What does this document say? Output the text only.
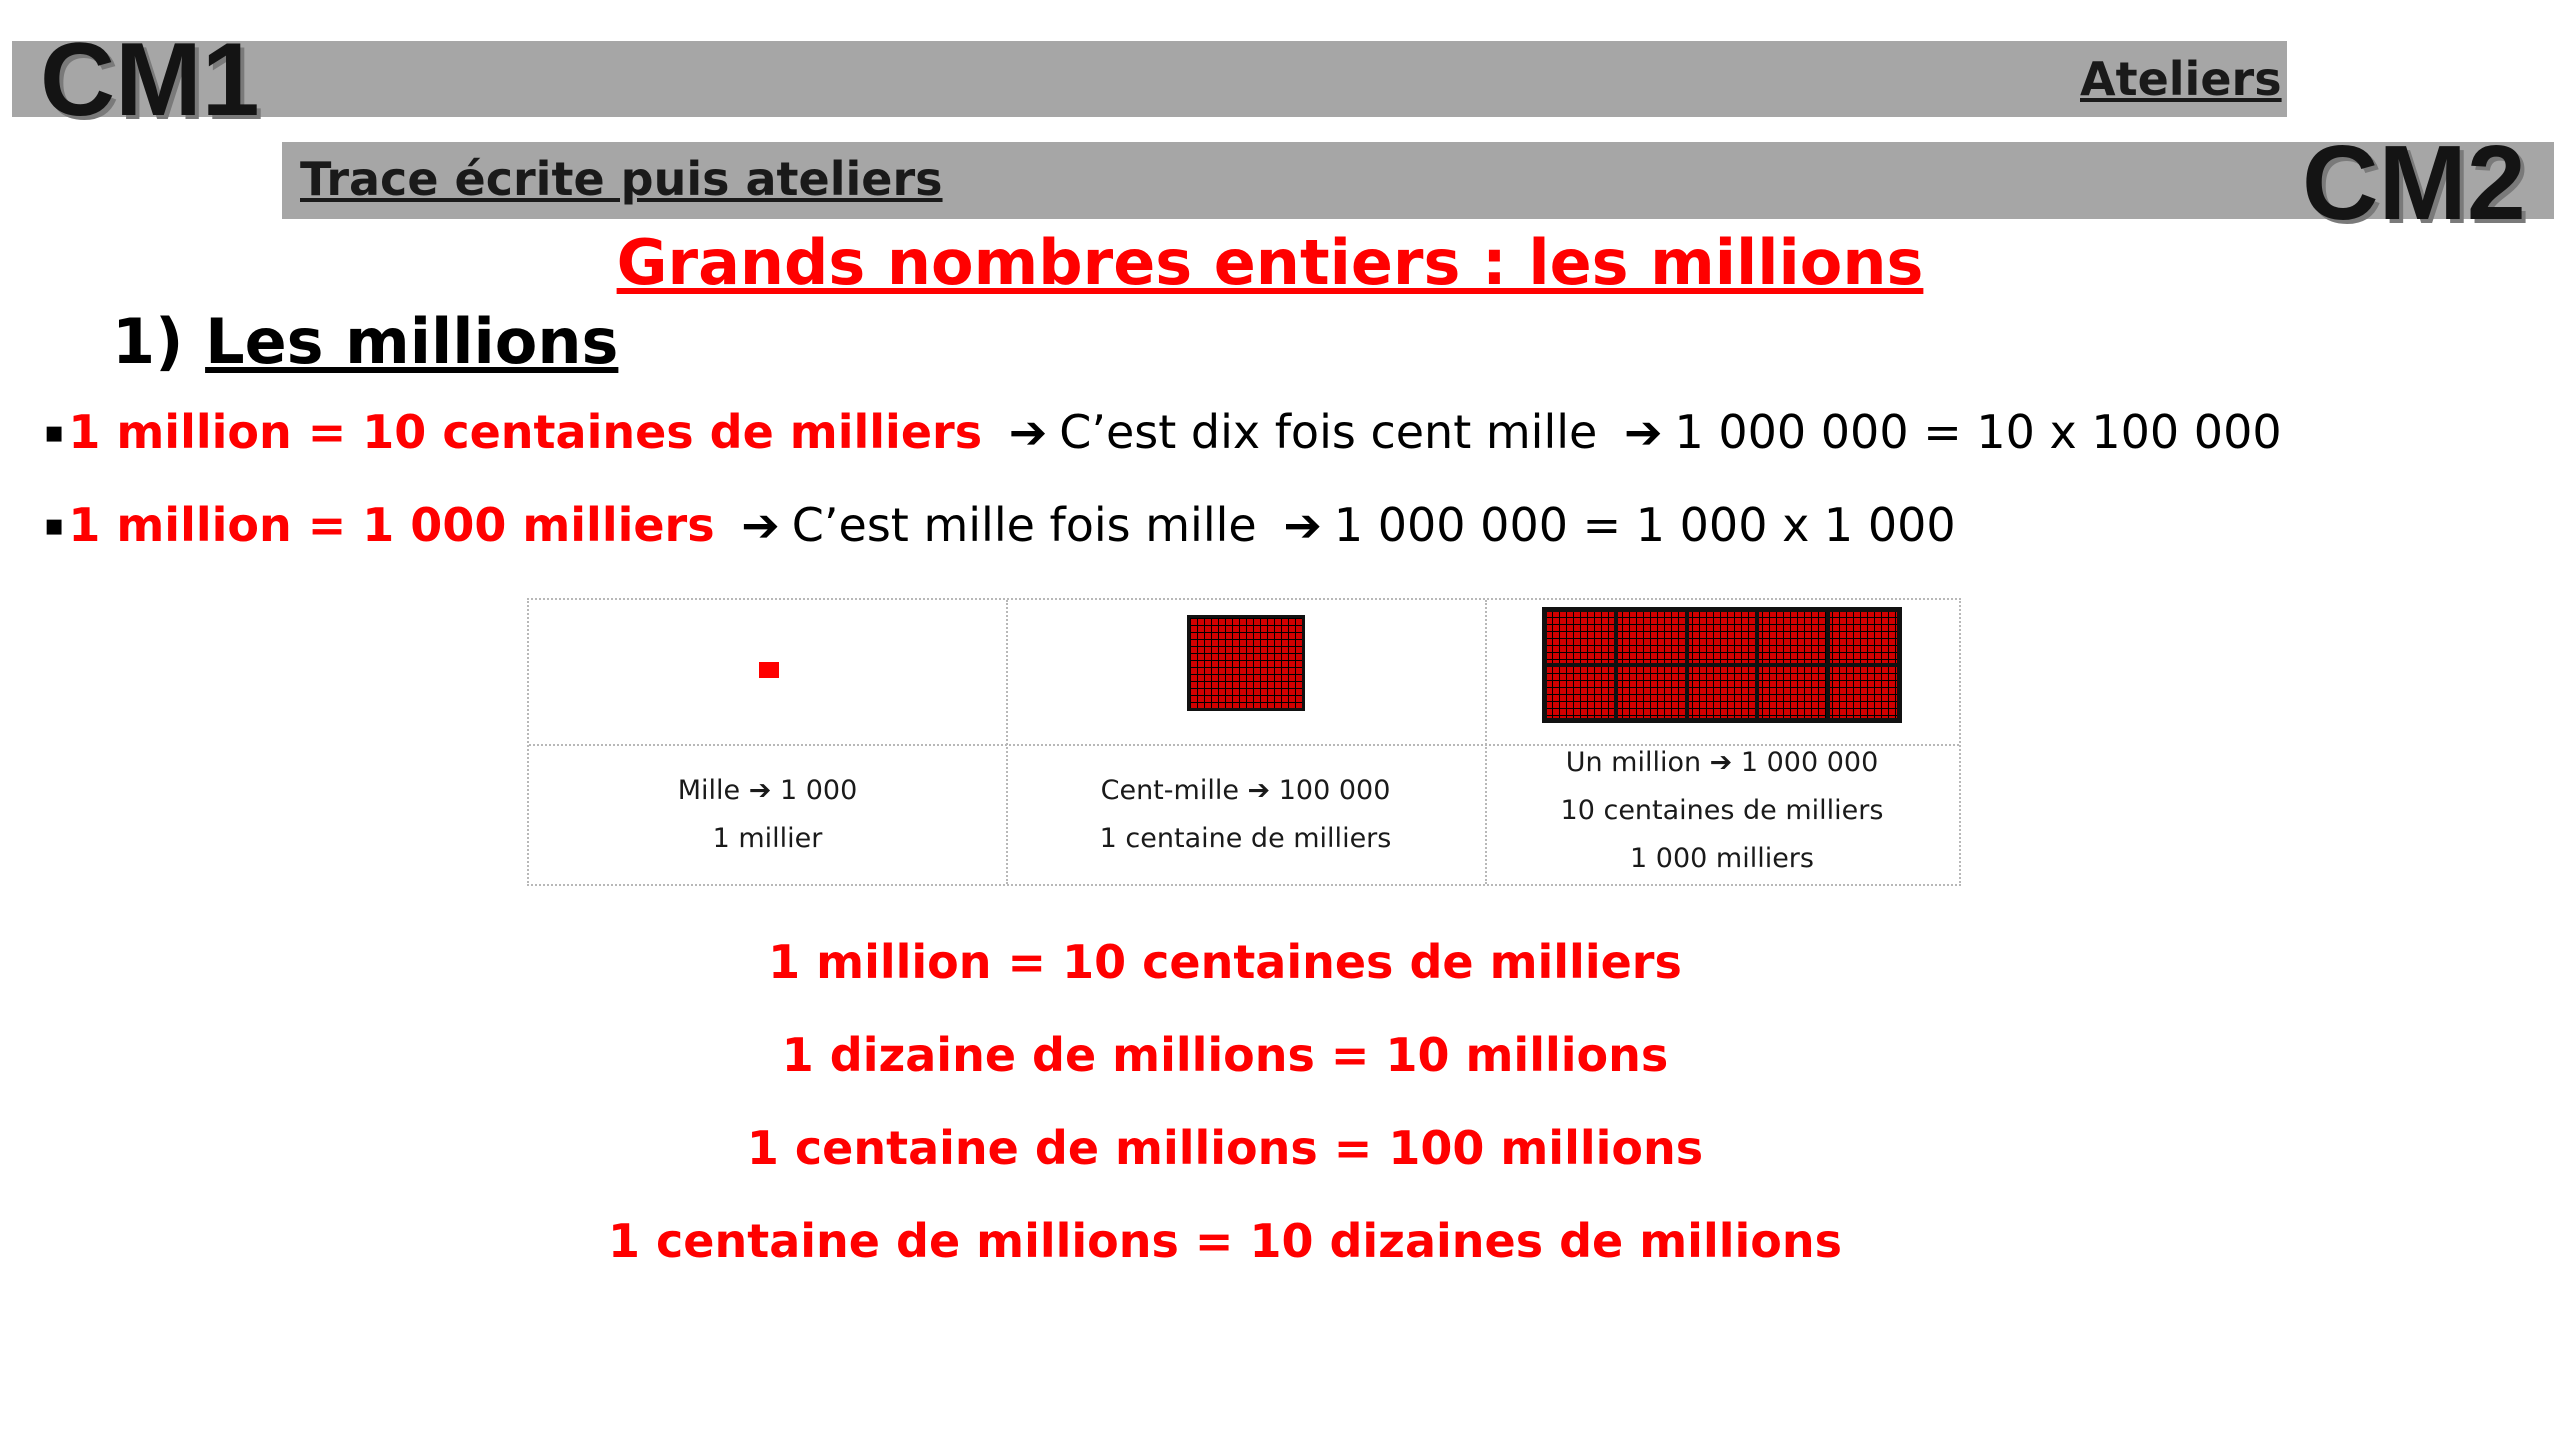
CM1	Ateliers
Trace écrite puis ateliers	CM2
Grands nombres entiers : les millions
1) Les millions
▪1 million = 10 centaines de milliers ➔ C’est dix fois cent mille ➔ 1 000 000 = 10 x 100 000
▪1 million = 1 000 milliers ➔ C’est mille fois mille ➔ 1 000 000 = 1 000 x 1 000
Mille ➔ 1 000
1 millier
Cent-mille ➔ 100 000
1 centaine de milliers
Un million ➔ 1 000 000
10 centaines de milliers
1 000 milliers
1 million = 10 centaines de milliers
1 dizaine de millions = 10 millions
1 centaine de millions = 100 millions
1 centaine de millions = 10 dizaines de millions
